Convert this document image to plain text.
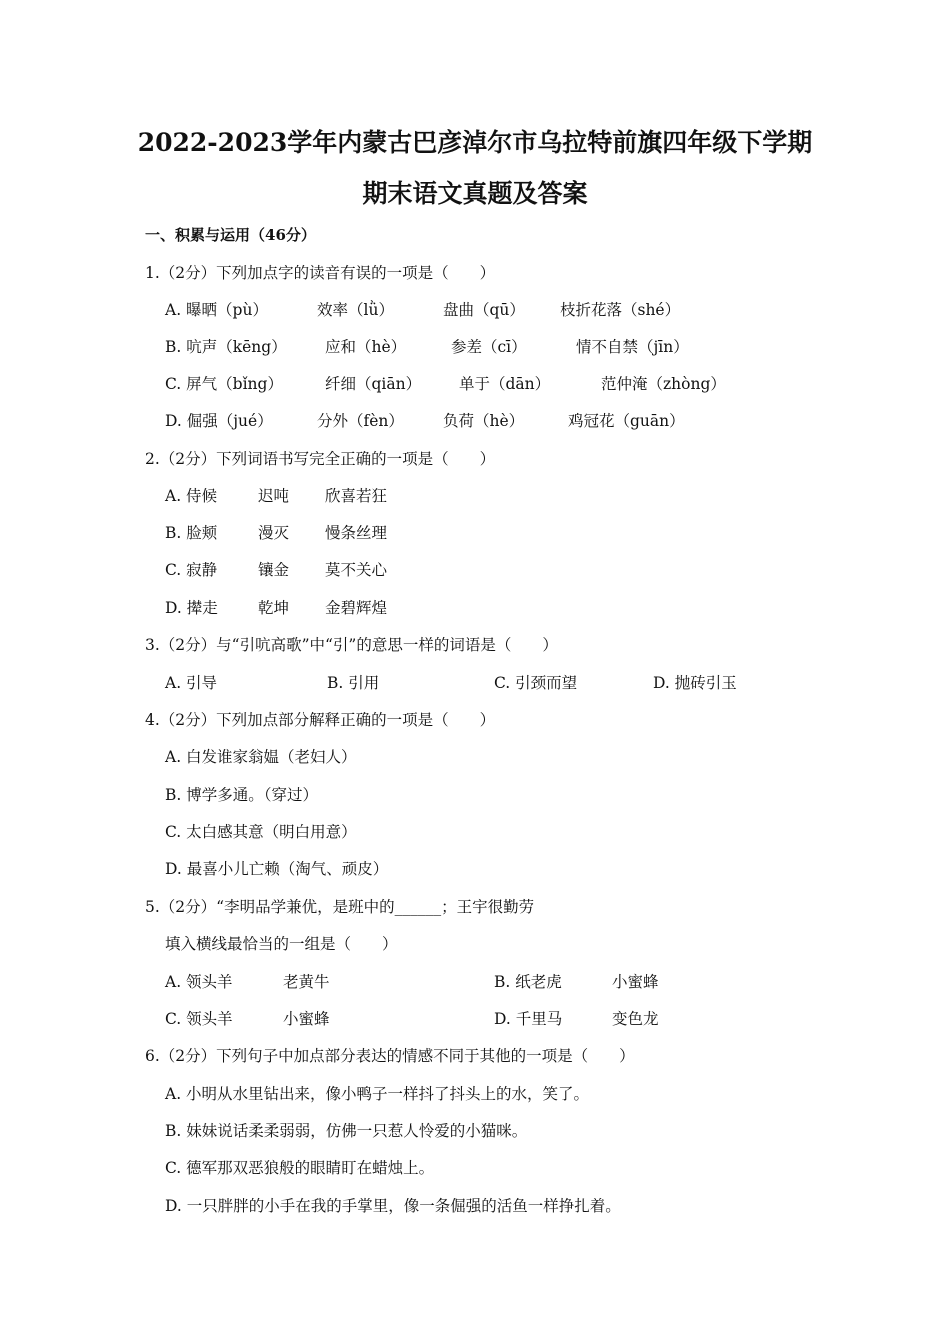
2022-2023学年内蒙古巴彦淖尔市乌拉特前旗四年级下学期
期末语文真题及答案
一、积累与运用（46分）
1.（2分）下列加点字的读音有误的一项是（　　）
A. 曝晒（pù）	效率（lǜ）	盘曲（qū） 枝折花落（shé）
B. 吭声（kēng） 应和（hè）	参差（cī）	情不自禁（jīn）
C. 屏气（bǐng）	纤细（qiān） 单于（dān）	范仲淹（zhòng）
D. 倔强（jué）	分外（fèn）	负荷（hè）	鸡冠花（guān）
2.（2分）下列词语书写完全正确的一项是（　　）
A. 侍候	迟吨 欣喜若狂
B. 脸颊	漫灭 慢条丝理
C. 寂静	镶金 莫不关心
D. 撵走	乾坤 金碧辉煌
3.（2分）与“引吭高歌”中“引”的意思一样的词语是（　　）
A. 引导	B. 引用	C. 引颈而望	D. 抛砖引玉
4.（2分）下列加点部分解释正确的一项是（　　）
A. 白发谁家翁媪（老妇人）
B. 博学多通。（穿过）
C. 太白感其意（明白用意）
D. 最喜小儿亡赖（淘气、顽皮）
5.（2分）“李明品学兼优，是班中的______；王宇很勤劳
填入横线最恰当的一组是（　　）
A. 领头羊	老黄牛	B. 纸老虎	小蜜蜂
C. 领头羊	小蜜蜂	D. 千里马	变色龙
6.（2分）下列句子中加点部分表达的情感不同于其他的一项是（　　）
A. 小明从水里钻出来，像小鸭子一样抖了抖头上的水，笑了。
B. 妹妹说话柔柔弱弱，仿佛一只惹人怜爱的小猫咪。
C. 德军那双恶狼般的眼睛盯在蜡烛上。
D. 一只胖胖的小手在我的手掌里，像一条倔强的活鱼一样挣扎着。
